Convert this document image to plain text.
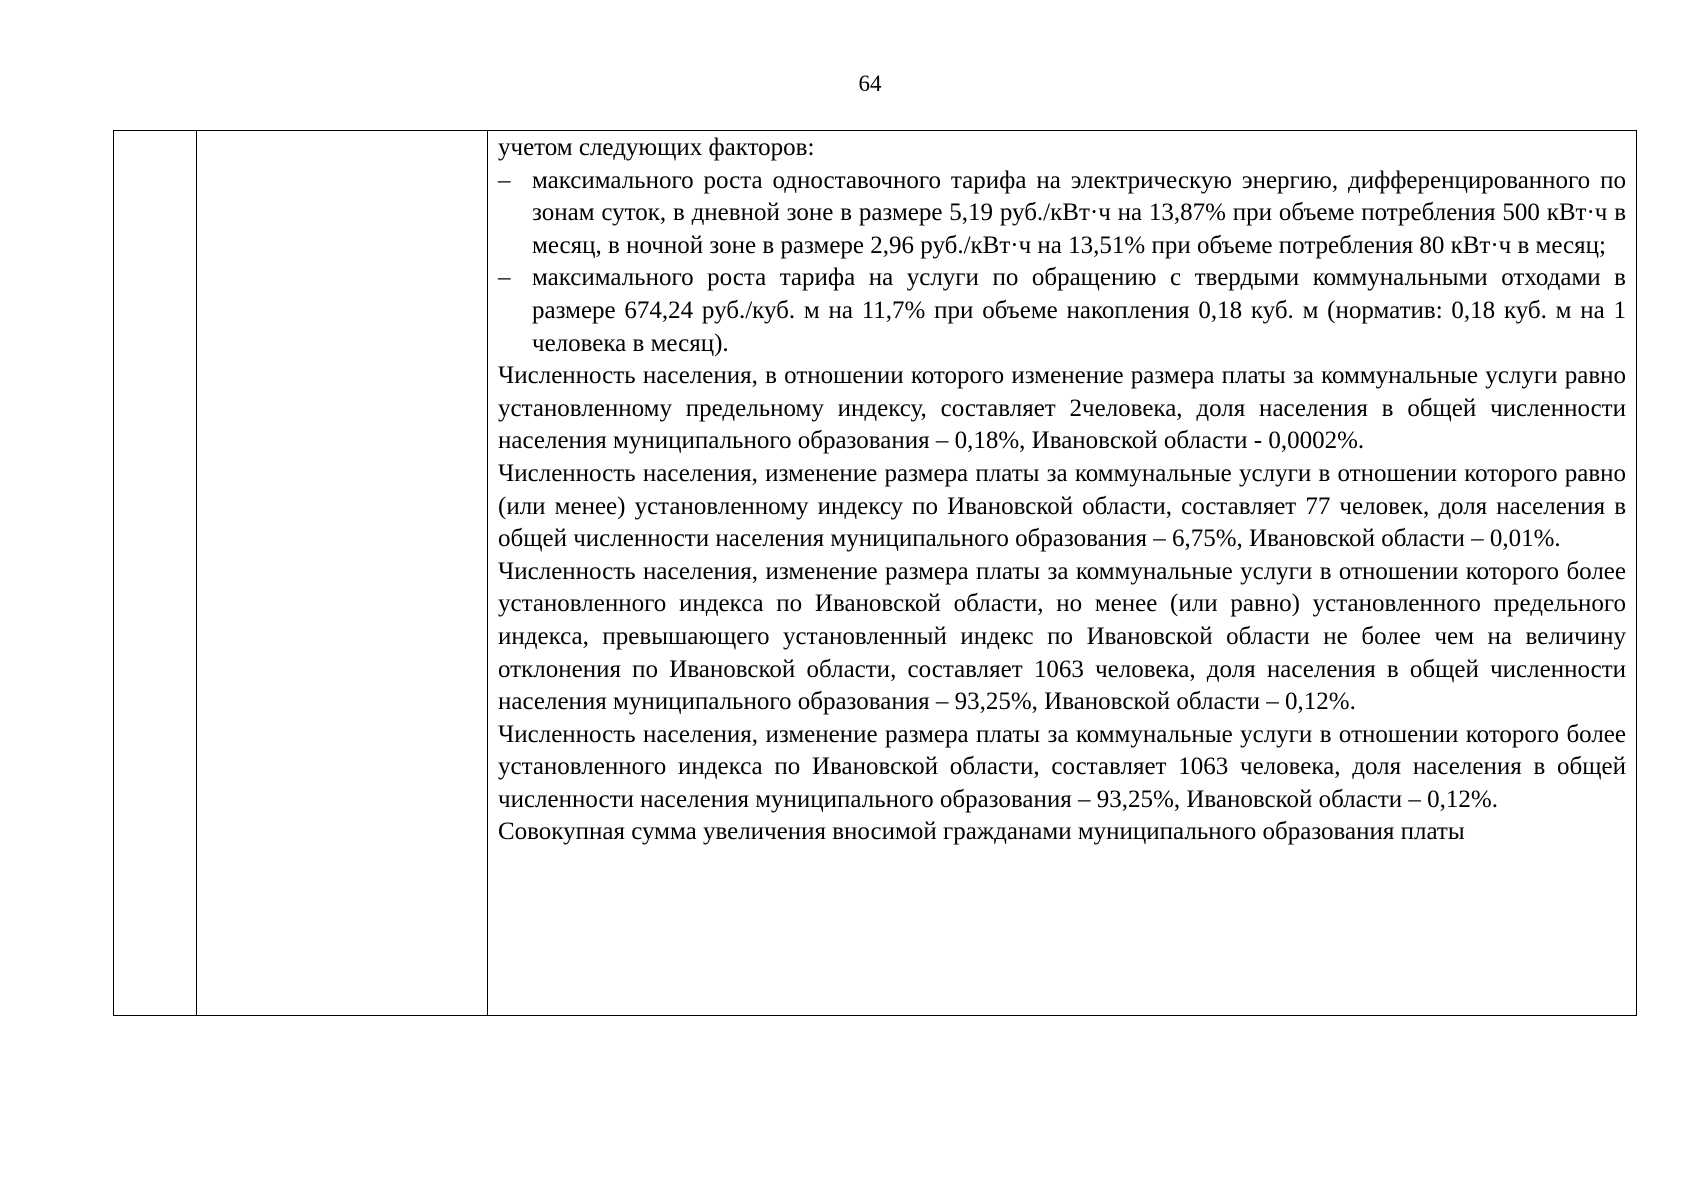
64

учетом следующих факторов:

– максимального роста одноставочного тарифа на электрическую энергию, дифференцированного по зонам суток, в дневной зоне в размере 5,19 руб./кВт·ч на 13,87% при объеме потребления 500 кВт·ч в месяц, в ночной зоне в размере 2,96 руб./кВт·ч на 13,51% при объеме потребления 80 кВт·ч в месяц;

– максимального роста тарифа на услуги по обращению с твердыми коммунальными отходами в размере 674,24 руб./куб. м на 11,7% при объеме накопления 0,18 куб. м (норматив: 0,18 куб. м на 1 человека в месяц).

Численность населения, в отношении которого изменение размера платы за коммунальные услуги равно установленному предельному индексу, составляет 2человека, доля населения в общей численности населения муниципального образования – 0,18%, Ивановской области - 0,0002%.

Численность населения, изменение размера платы за коммунальные услуги в отношении которого равно (или менее) установленному индексу по Ивановской области, составляет 77 человек, доля населения в общей численности населения муниципального образования – 6,75%, Ивановской области – 0,01%.

Численность населения, изменение размера платы за коммунальные услуги в отношении которого более установленного индекса по Ивановской области, но менее (или равно) установленного предельного индекса, превышающего установленный индекс по Ивановской области не более чем на величину отклонения по Ивановской области, составляет 1063 человека, доля населения в общей численности населения муниципального образования – 93,25%, Ивановской области – 0,12%.

Численность населения, изменение размера платы за коммунальные услуги в отношении которого более установленного индекса по Ивановской области, составляет 1063 человека, доля населения в общей численности населения муниципального образования – 93,25%, Ивановской области – 0,12%.

Совокупная сумма увеличения вносимой гражданами муниципального образования платы
